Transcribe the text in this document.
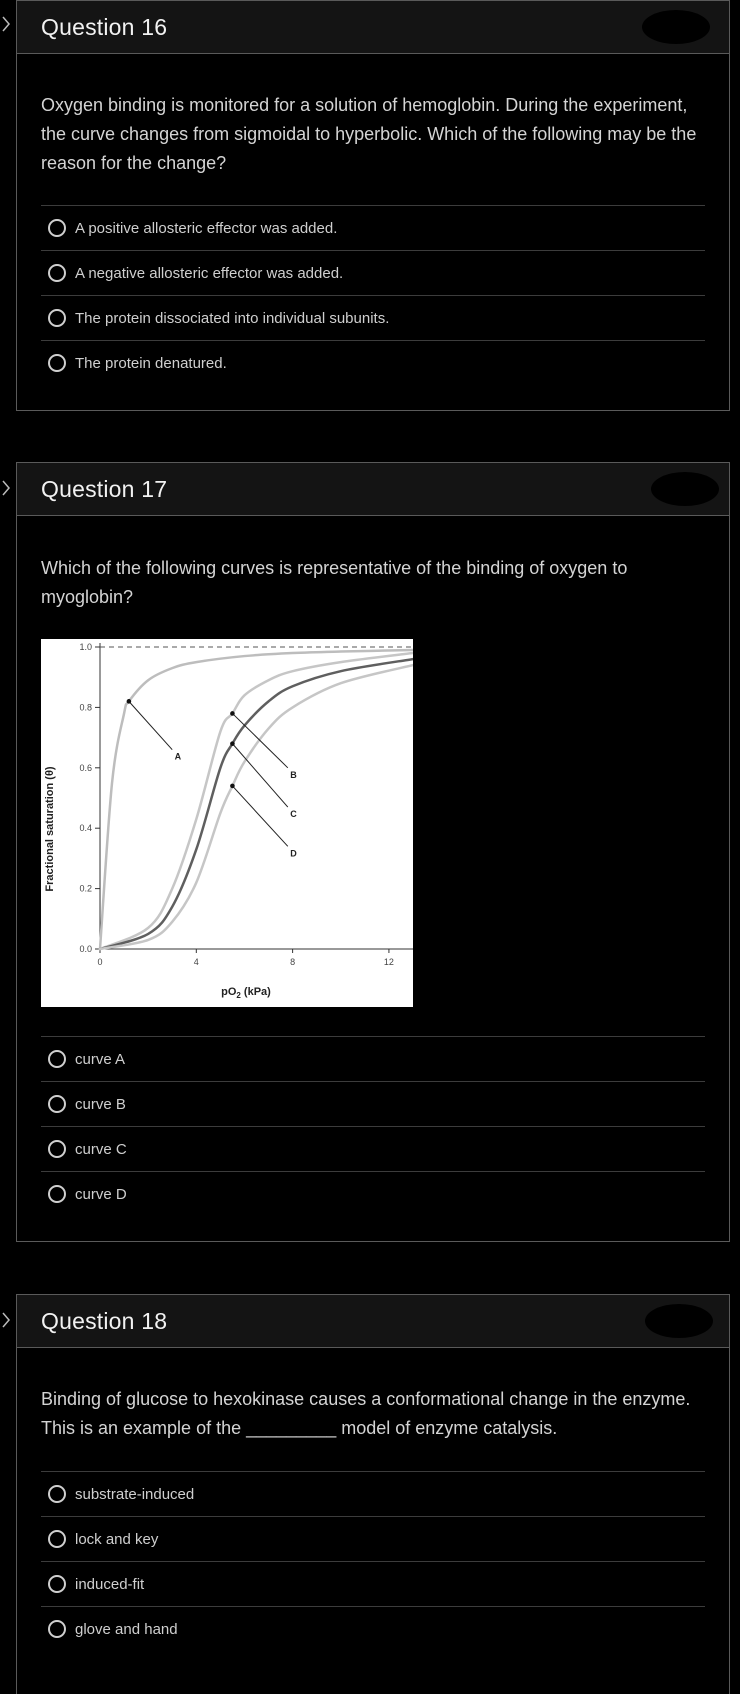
Question 16
Oxygen binding is monitored for a solution of hemoglobin. During the experiment, the curve changes from sigmoidal to hyperbolic. Which of the following may be the reason for the change?
A positive allosteric effector was added.
A negative allosteric effector was added.
The protein dissociated into individual subunits.
The protein denatured.
Question 17
Which of the following curves is representative of the binding of oxygen to myoglobin?
0.0
0.2
0.4
0.6
0.8
1.0
0	4	8	12
A
B
C
D
Fractional saturation (θ)
$pO_2$ (kPa)
curve A
curve B
curve C
curve D
Question 18
Binding of glucose to hexokinase causes a conformational change in the enzyme. This is an example of the _________ model of enzyme catalysis.
substrate-induced
lock and key
induced-fit
glove and hand
